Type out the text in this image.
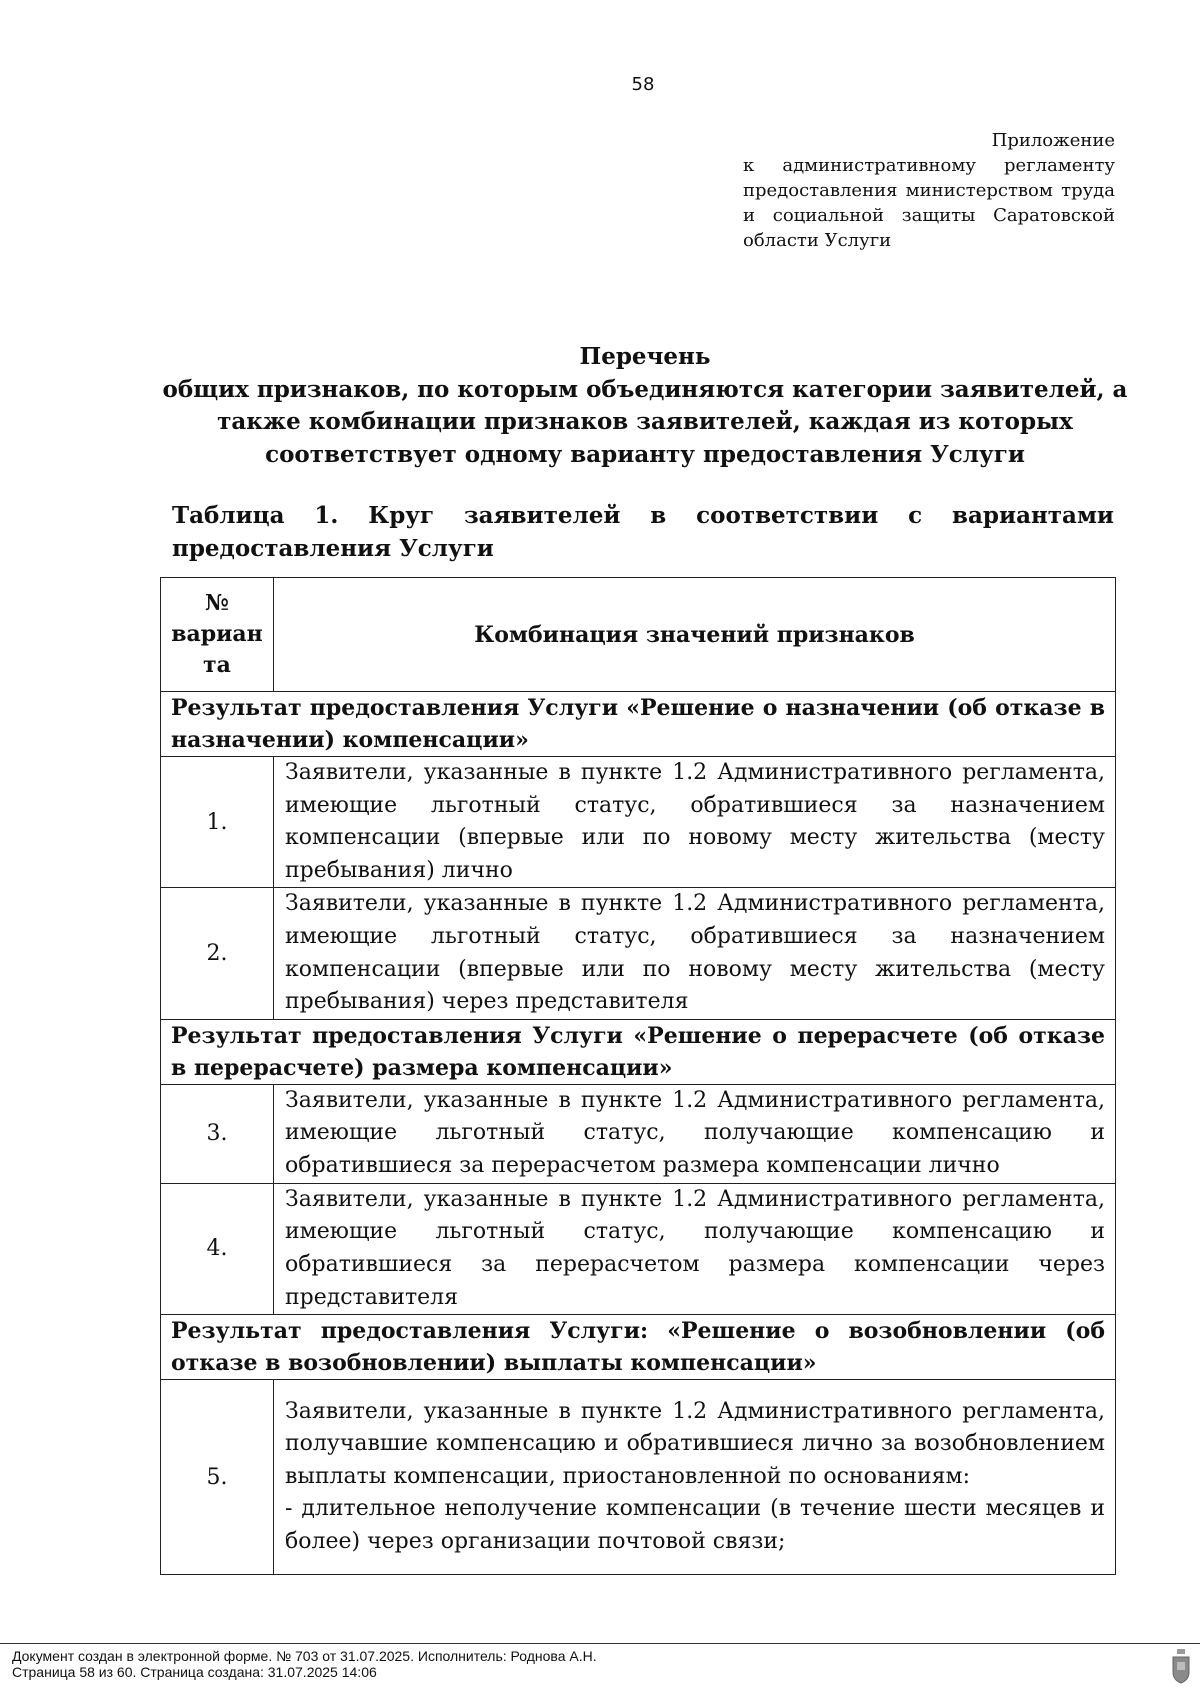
58
Приложение
к административному регламенту
предоставления министерством труда
и социальной защиты Саратовской
области Услуги
Перечень
общих признаков, по которым объединяются категории заявителей, а
также комбинации признаков заявителей, каждая из которых
соответствует одному варианту предоставления Услуги
Таблица 1. Круг заявителей в соответствии с вариантами
предоставления Услуги
№
вариан
та	Комбинация значений признаков
Результат предоставления Услуги «Решение о назначении (об отказе в назначении) компенсации»	
1.	Заявители, указанные в пункте 1.2 Административного регламента, имеющие льготный статус, обратившиеся за назначением компенсации (впервые или по новому месту жительства (месту пребывания) лично
2.	Заявители, указанные в пункте 1.2 Административного регламента, имеющие льготный статус, обратившиеся за назначением компенсации (впервые или по новому месту жительства (месту пребывания) через представителя
Результат предоставления Услуги «Решение о перерасчете (об отказе в перерасчете) размера компенсации»	
3.	Заявители, указанные в пункте 1.2 Административного регламента, имеющие льготный статус, получающие компенсацию и обратившиеся за перерасчетом размера компенсации лично
4.	Заявители, указанные в пункте 1.2 Административного регламента, имеющие льготный статус, получающие компенсацию и обратившиеся за перерасчетом размера компенсации через представителя
Результат предоставления Услуги: «Решение о возобновлении (об отказе в возобновлении) выплаты компенсации»	
5.	Заявители, указанные в пункте 1.2 Административного регламента, получавшие компенсацию и обратившиеся лично за возобновлением выплаты компенсации, приостановленной по основаниям:
- длительное неполучение компенсации (в течение шести месяцев и более) через организации почтовой связи;
Документ создан в электронной форме. № 703 от 31.07.2025. Исполнитель: Роднова А.Н.
Страница 58 из 60. Страница создана: 31.07.2025 14:06
